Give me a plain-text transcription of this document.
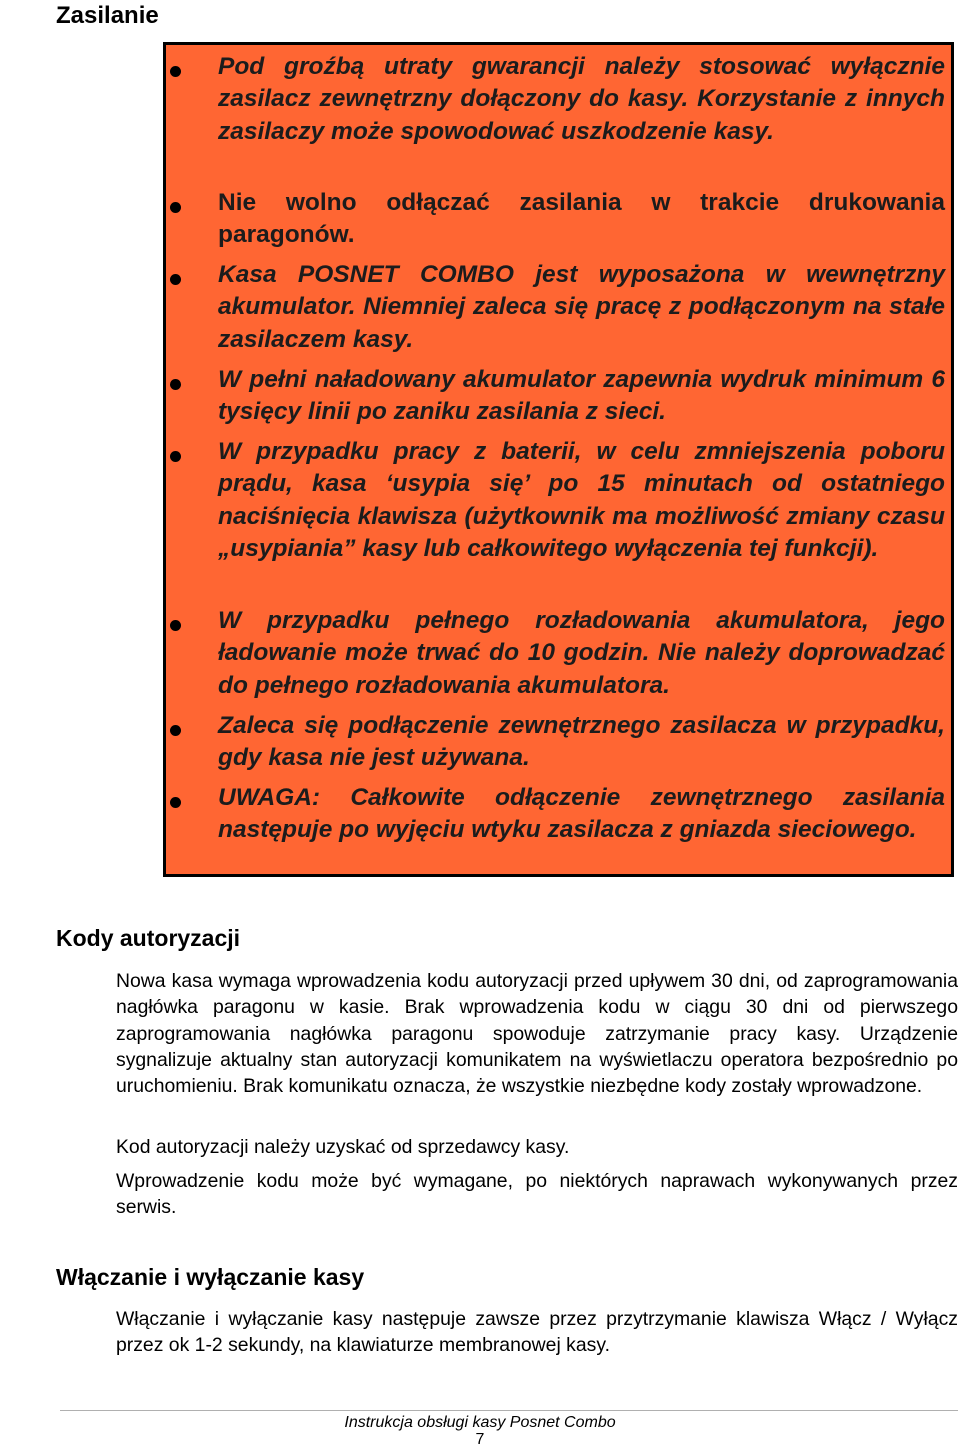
Zasilanie
Pod groźbą utraty gwarancji należy stosować wyłącznie zasilacz zewnętrzny dołączony do kasy. Korzystanie z innych zasilaczy może spowodować uszkodzenie kasy.
Nie wolno odłączać zasilania w trakcie drukowania paragonów.
Kasa POSNET COMBO jest wyposażona w wewnętrzny akumulator. Niemniej zaleca się pracę z podłączonym na stałe zasilaczem kasy.
W pełni naładowany akumulator zapewnia wydruk minimum 6 tysięcy linii po zaniku zasilania z sieci.
W przypadku pracy z baterii, w celu zmniejszenia poboru prądu, kasa ‘usypia się’ po 15 minutach od ostatniego naciśnięcia klawisza (użytkownik ma możliwość zmiany czasu „usypiania” kasy lub całkowitego wyłączenia tej funkcji).
W przypadku pełnego rozładowania akumulatora, jego ładowanie może trwać do 10 godzin. Nie należy doprowadzać do pełnego rozładowania akumulatora.
Zaleca się podłączenie zewnętrznego zasilacza w przypadku, gdy kasa nie jest używana.
UWAGA: Całkowite odłączenie zewnętrznego zasilania następuje po wyjęciu wtyku zasilacza z gniazda sieciowego.
Kody autoryzacji

Nowa kasa wymaga wprowadzenia kodu autoryzacji przed upływem 30 dni, od zaprogramowania nagłówka paragonu w kasie. Brak wprowadzenia kodu w ciągu 30 dni od pierwszego zaprogramowania nagłówka paragonu spowoduje zatrzymanie pracy kasy. Urządzenie sygnalizuje aktualny stan autoryzacji komunikatem na wyświetlaczu operatora bezpośrednio po uruchomieniu. Brak komunikatu oznacza, że wszystkie niezbędne kody zostały wprowadzone.

Kod autoryzacji należy uzyskać od sprzedawcy kasy.

Wprowadzenie kodu może być wymagane, po niektórych naprawach wykonywanych przez serwis.

Włączanie i wyłączanie kasy

Włączanie i wyłączanie kasy następuje zawsze przez przytrzymanie klawisza Włącz / Wyłącz przez ok 1-2 sekundy, na klawiaturze membranowej kasy.

Instrukcja obsługi kasy Posnet Combo
7
